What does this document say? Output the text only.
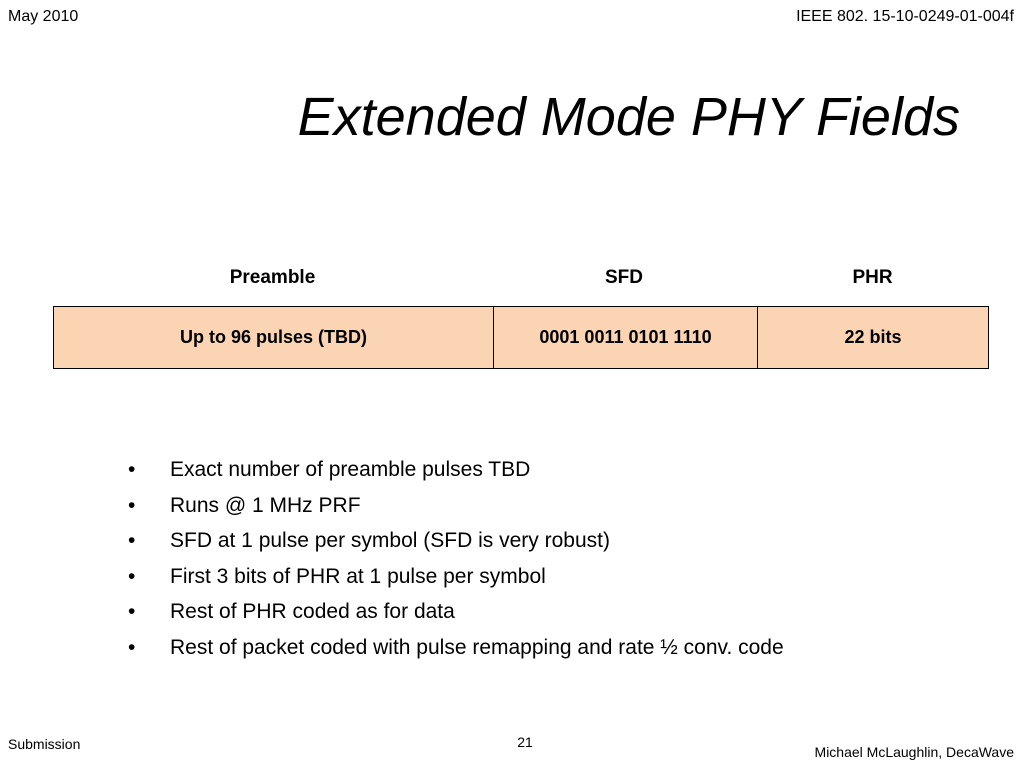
May 2010	IEEE 802. 15-10-0249-01-004f
Extended Mode PHY Fields
Preamble	SFD	PHR
Up to 96 pulses (TBD)	0001 0011 0101 1110	22 bits
• Exact number of preamble pulses TBD
• Runs @ 1 MHz PRF
• SFD at 1 pulse per symbol (SFD is very robust)
• First 3 bits of PHR at 1 pulse per symbol
• Rest of PHR coded as for data
• Rest of packet coded with pulse remapping and rate ½ conv. code
Submission	21
Michael McLaughlin, DecaWave
